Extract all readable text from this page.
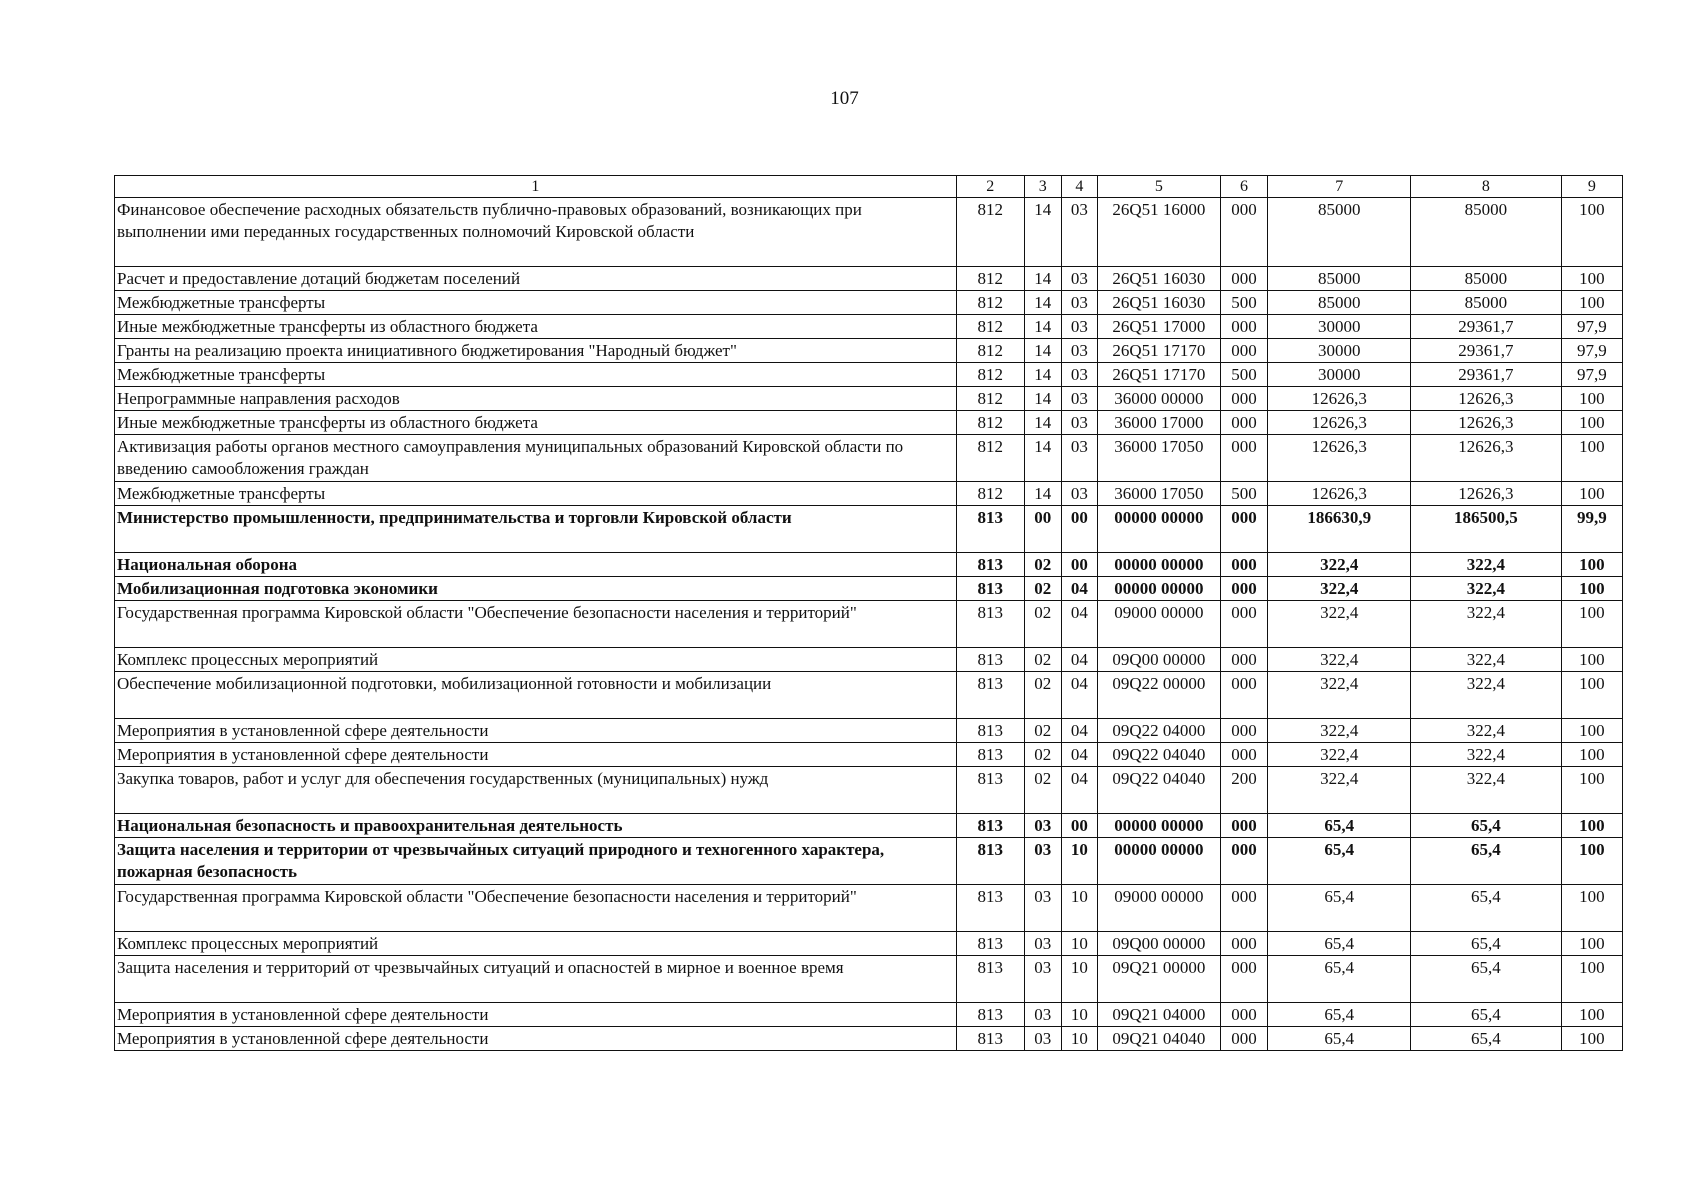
107
1	2	3	4	5	6	7	8	9
Финансовое обеспечение расходных обязательств публично-правовых образований, возникающих при выполнении ими переданных государственных полномочий Кировской области	812	14	03	26Q51 16000	000	85000	85000	100
Расчет и предоставление дотаций бюджетам поселений	812	14	03	26Q51 16030	000	85000	85000	100
Межбюджетные трансферты	812	14	03	26Q51 16030	500	85000	85000	100
Иные межбюджетные трансферты из областного бюджета	812	14	03	26Q51 17000	000	30000	29361,7	97,9
Гранты на реализацию проекта инициативного бюджетирования "Народный бюджет"	812	14	03	26Q51 17170	000	30000	29361,7	97,9
Межбюджетные трансферты	812	14	03	26Q51 17170	500	30000	29361,7	97,9
Непрограммные направления расходов	812	14	03	36000 00000	000	12626,3	12626,3	100
Иные межбюджетные трансферты из областного бюджета	812	14	03	36000 17000	000	12626,3	12626,3	100
Активизация работы органов местного самоуправления муниципальных образований Кировской области по введению самообложения граждан	812	14	03	36000 17050	000	12626,3	12626,3	100
Межбюджетные трансферты	812	14	03	36000 17050	500	12626,3	12626,3	100
Министерство промышленности, предпринимательства и торговли Кировской области	813	00	00	00000 00000	000	186630,9	186500,5	99,9
Национальная оборона	813	02	00	00000 00000	000	322,4	322,4	100
Мобилизационная подготовка экономики	813	02	04	00000 00000	000	322,4	322,4	100
Государственная программа Кировской области "Обеспечение безопасности населения и территорий"	813	02	04	09000 00000	000	322,4	322,4	100
Комплекс процессных мероприятий	813	02	04	09Q00 00000	000	322,4	322,4	100
Обеспечение мобилизационной подготовки, мобилизационной готовности и мобилизации	813	02	04	09Q22 00000	000	322,4	322,4	100
Мероприятия в установленной сфере деятельности	813	02	04	09Q22 04000	000	322,4	322,4	100
Мероприятия в установленной сфере деятельности	813	02	04	09Q22 04040	000	322,4	322,4	100
Закупка товаров, работ и услуг для обеспечения государственных (муниципальных) нужд	813	02	04	09Q22 04040	200	322,4	322,4	100
Национальная безопасность и правоохранительная деятельность	813	03	00	00000 00000	000	65,4	65,4	100
Защита населения и территории от чрезвычайных ситуаций природного и техногенного характера, пожарная безопасность	813	03	10	00000 00000	000	65,4	65,4	100
Государственная программа Кировской области "Обеспечение безопасности населения и территорий"	813	03	10	09000 00000	000	65,4	65,4	100
Комплекс процессных мероприятий	813	03	10	09Q00 00000	000	65,4	65,4	100
Защита населения и территорий от чрезвычайных ситуаций и опасностей в мирное и военное время	813	03	10	09Q21 00000	000	65,4	65,4	100
Мероприятия в установленной сфере деятельности	813	03	10	09Q21 04000	000	65,4	65,4	100
Мероприятия в установленной сфере деятельности	813	03	10	09Q21 04040	000	65,4	65,4	100
